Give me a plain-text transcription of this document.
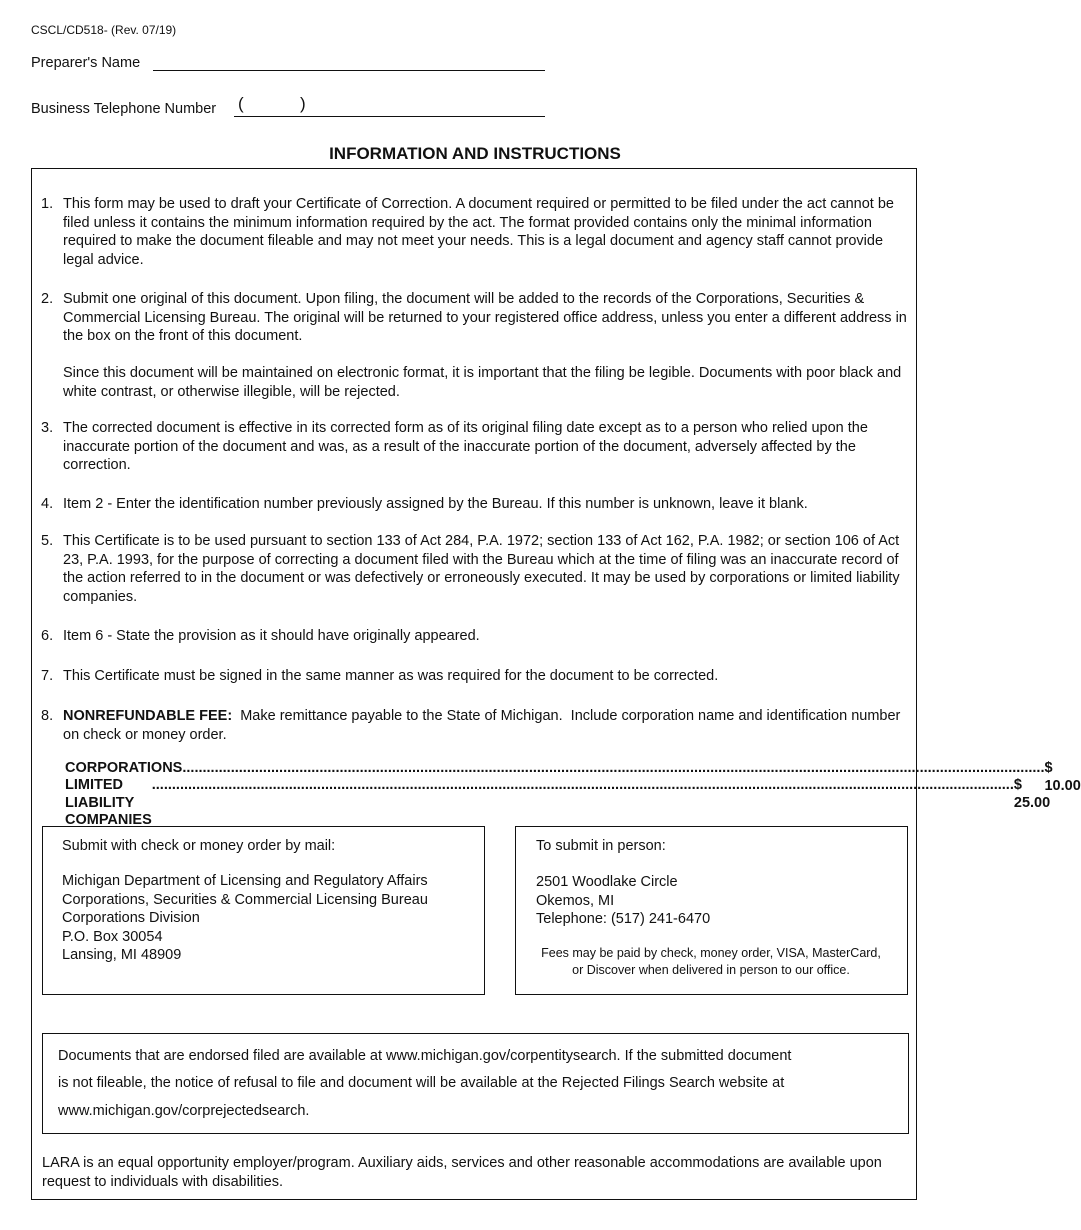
CSCL/CD518- (Rev. 07/19)
Preparer's Name
Business Telephone Number (	)
INFORMATION AND INSTRUCTIONS
1. This form may be used to draft your Certificate of Correction. A document required or permitted to be filed under the act cannot be filed unless it contains the minimum information required by the act. The format provided contains only the minimal information required to make the document fileable and may not meet your needs. This is a legal document and agency staff cannot provide legal advice.
2. Submit one original of this document. Upon filing, the document will be added to the records of the Corporations, Securities & Commercial Licensing Bureau. The original will be returned to your registered office address, unless you enter a different address in the box on the front of this document.
Since this document will be maintained on electronic format, it is important that the filing be legible. Documents with poor black and white contrast, or otherwise illegible, will be rejected.
3. The corrected document is effective in its corrected form as of its original filing date except as to a person who relied upon the inaccurate portion of the document and was, as a result of the inaccurate portion of the document, adversely affected by the correction.
4. Item 2 - Enter the identification number previously assigned by the Bureau. If this number is unknown, leave it blank.
5. This Certificate is to be used pursuant to section 133 of Act 284, P.A. 1972; section 133 of Act 162, P.A. 1982; or section 106 of Act 23, P.A. 1993, for the purpose of correcting a document filed with the Bureau which at the time of filing was an inaccurate record of the action referred to in the document or was defectively or erroneously executed. It may be used by corporations or limited liability companies.
6. Item 6 - State the provision as it should have originally appeared.
7. This Certificate must be signed in the same manner as was required for the document to be corrected.
8. NONREFUNDABLE FEE:  Make remittance payable to the State of Michigan.  Include corporation name and identification number on check or money order.
CORPORATIONS ...................................................................................................................................................................................................................... $ 10.00
LIMITED LIABILITY COMPANIES
...................................................................................................................................................................................................................... $ 25.00
Submit with check or money order by mail:
Michigan Department of Licensing and Regulatory Affairs
Corporations, Securities & Commercial Licensing Bureau
Corporations Division
P.O. Box 30054
Lansing, MI 48909
To submit in person:
2501 Woodlake Circle
Okemos, MI
Telephone: (517) 241-6470
Fees may be paid by check, money order, VISA, MasterCard,
or Discover when delivered in person to our office.
Documents that are endorsed filed are available at www.michigan.gov/corpentitysearch. If the submitted document
is not fileable, the notice of refusal to file and document will be available at the Rejected Filings Search website at
www.michigan.gov/corprejectedsearch.
LARA is an equal opportunity employer/program. Auxiliary aids, services and other reasonable accommodations are available upon request to individuals with disabilities.
